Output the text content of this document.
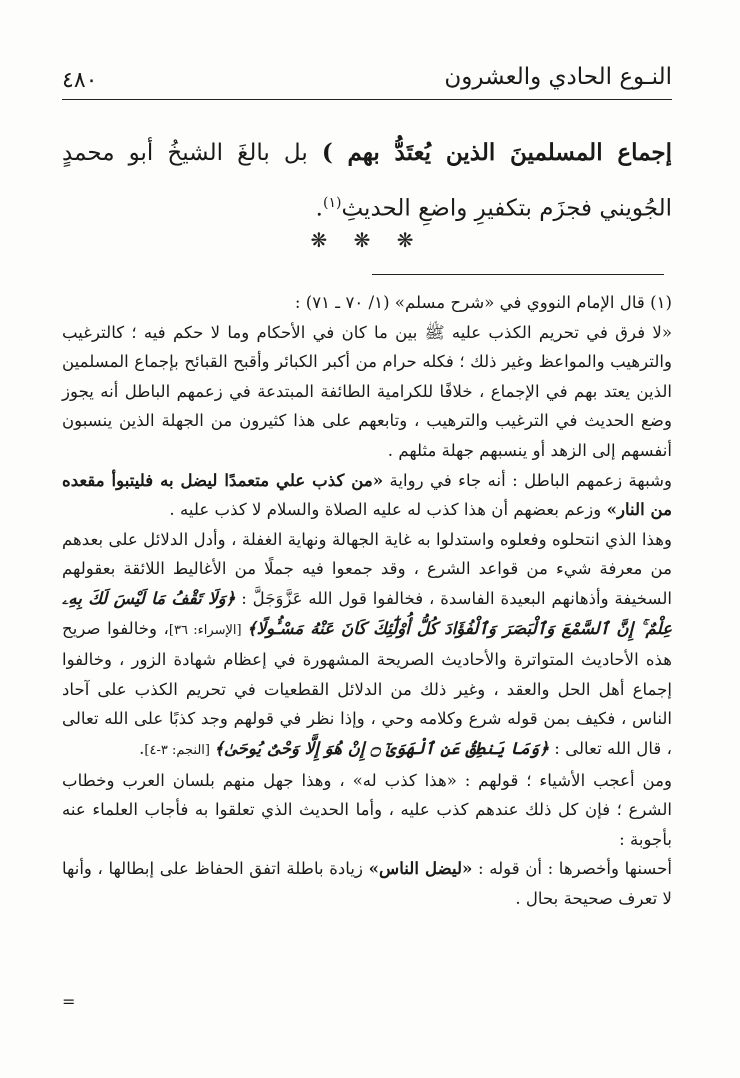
النـوع الحادي والعشرون
٤٨٠
إجماع المسلمينَ الذين يُعتَدُّ بهم ) بل بالغَ الشيخُ أبو محمدٍ الجُويني فجزَم بتكفيرِ واضعِ الحديثِ$^{(١)}$.
❋ ❋ ❋
(١) قال الإمام النووي في «شرح مسلم» (١/ ٧٠ ـ ٧١) :
«لا فرق في تحريم الكذب عليه ﷺ بين ما كان في الأحكام وما لا حكم فيه ؛ كالترغيب والترهيب والمواعظ وغير ذلك ؛ فكله حرام من أكبر الكبائر وأقبح القبائح بإجماع المسلمين الذين يعتد بهم في الإجماع ، خلافًا للكرامية الطائفة المبتدعة في زعمهم الباطل أنه يجوز وضع الحديث في الترغيب والترهيب ، وتابعهم على هذا كثيرون من الجهلة الذين ينسبون أنفسهم إلى الزهد أو ينسبهم جهلة مثلهم .
وشبهة زعمهم الباطل : أنه جاء في رواية «من كذب علي متعمدًا ليضل به فليتبوأ مقعده من النار» وزعم بعضهم أن هذا كذب له عليه الصلاة والسلام لا كذب عليه .
وهذا الذي انتحلوه وفعلوه واستدلوا به غاية الجهالة ونهاية الغفلة ، وأدل الدلائل على بعدهم من معرفة شيء من قواعد الشرع ، وقد جمعوا فيه جملًا من الأغاليط اللائقة بعقولهم السخيفة وأذهانهم البعيدة الفاسدة ، فخالفوا قول الله عَزَّوَجَلَّ : ﴿وَلَا تَقْفُ مَا لَيْسَ لَكَ بِهِۦ عِلْمٌ ۚ إِنَّ ٱلسَّمْعَ وَٱلْبَصَرَ وَٱلْفُؤَادَ كُلُّ أُوْلَٰٓئِكَ كَانَ عَنْهُ مَسْـُٔولًا﴾ [الإسراء: ٣٦]، وخالفوا صريح هذه الأحاديث المتواترة والأحاديث الصريحة المشهورة في إعظام شهادة الزور ، وخالفوا إجماع أهل الحل والعقد ، وغير ذلك من الدلائل القطعيات في تحريم الكذب على آحاد الناس ، فكيف بمن قوله شرع وكلامه وحي ، وإذا نظر في قولهم وجد كذبًا على الله تعالى ، قال الله تعالى : ﴿وَمَا يَنطِقُ عَنِ ٱلْهَوَىٰٓ ۝ إِنْ هُوَ إِلَّا وَحْىٌ يُوحَىٰ﴾ [النجم: ٣-٤].
ومن أعجب الأشياء ؛ قولهم : «هذا كذب له» ، وهذا جهل منهم بلسان العرب وخطاب الشرع ؛ فإن كل ذلك عندهم كذب عليه ، وأما الحديث الذي تعلقوا به فأجاب العلماء عنه بأجوبة :
أحسنها وأخصرها : أن قوله : «ليضل الناس» زيادة باطلة اتفق الحفاظ على إبطالها ، وأنها لا تعرف صحيحة بحال .
=
